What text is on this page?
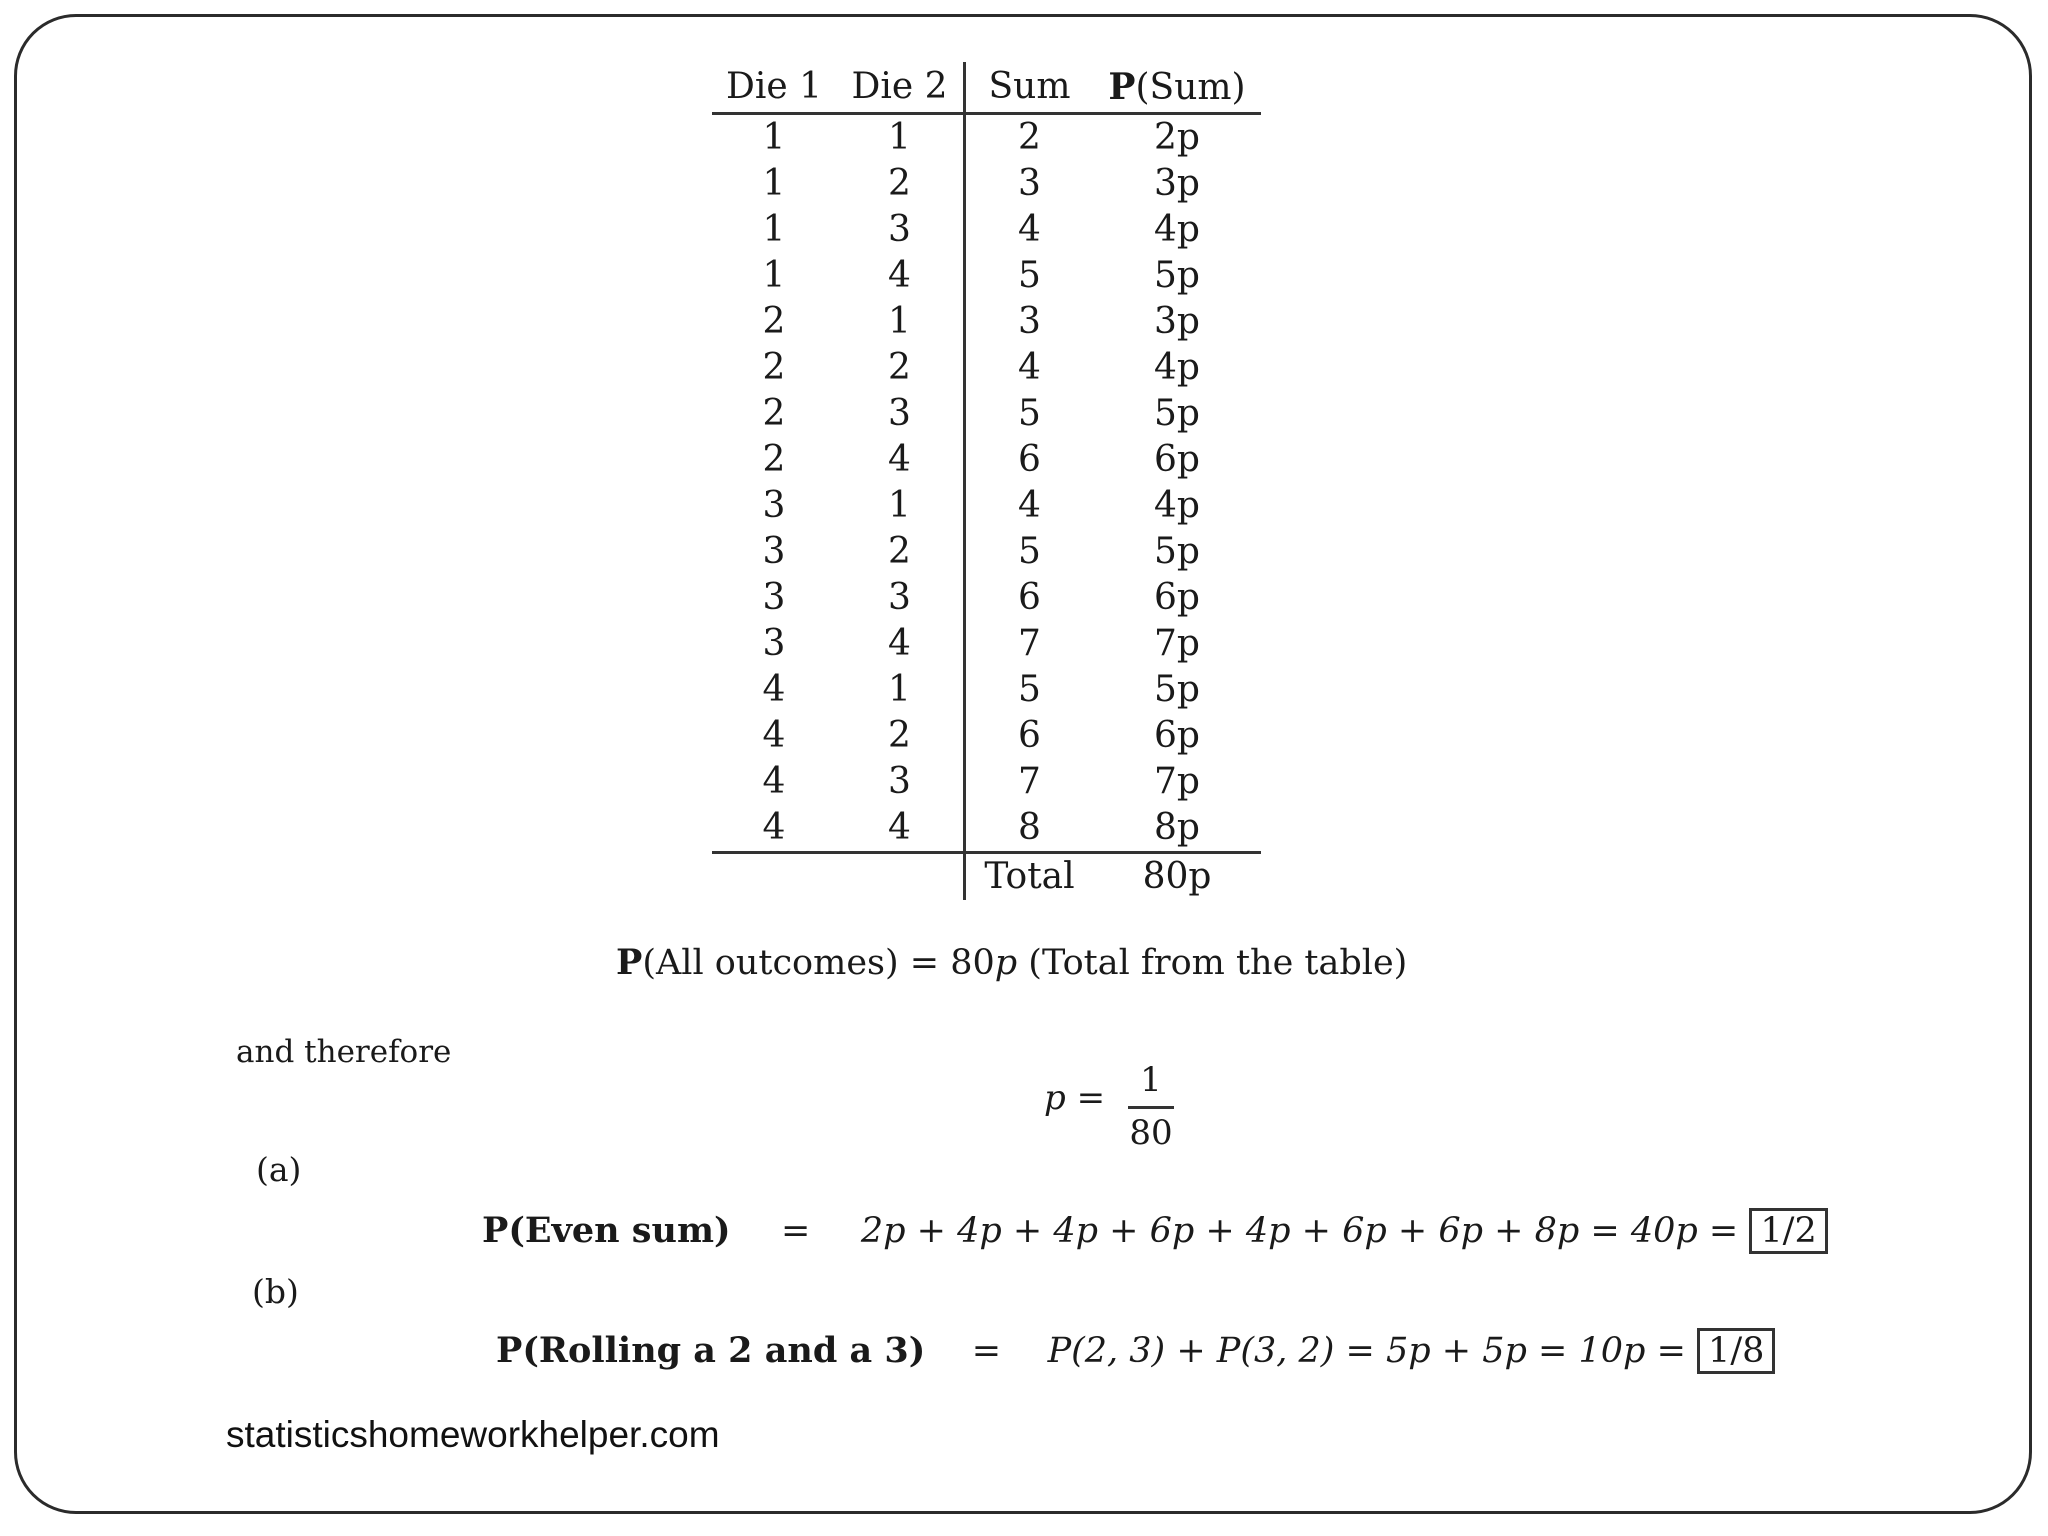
Die 1	Die 2	Sum	P(Sum)
1	1	2	2p
1	2	3	3p
1	3	4	4p
1	4	5	5p
2	1	3	3p
2	2	4	4p
2	3	5	5p
2	4	6	6p
3	1	4	4p
3	2	5	5p
3	3	6	6p
3	4	7	7p
4	1	5	5p
4	2	6	6p
4	3	7	7p
4	4	8	8p
		Total	80p
P(All outcomes) = 80p (Total from the table)
and therefore
p = 1
80
(a)
P(Even sum) = 2p + 4p + 4p + 6p + 4p + 6p + 6p + 8p = 40p = 1/2
(b)
P(Rolling a 2 and a 3) = P(2, 3) + P(3, 2) = 5p + 5p = 10p = 1/8
statisticshomeworkhelper.com
